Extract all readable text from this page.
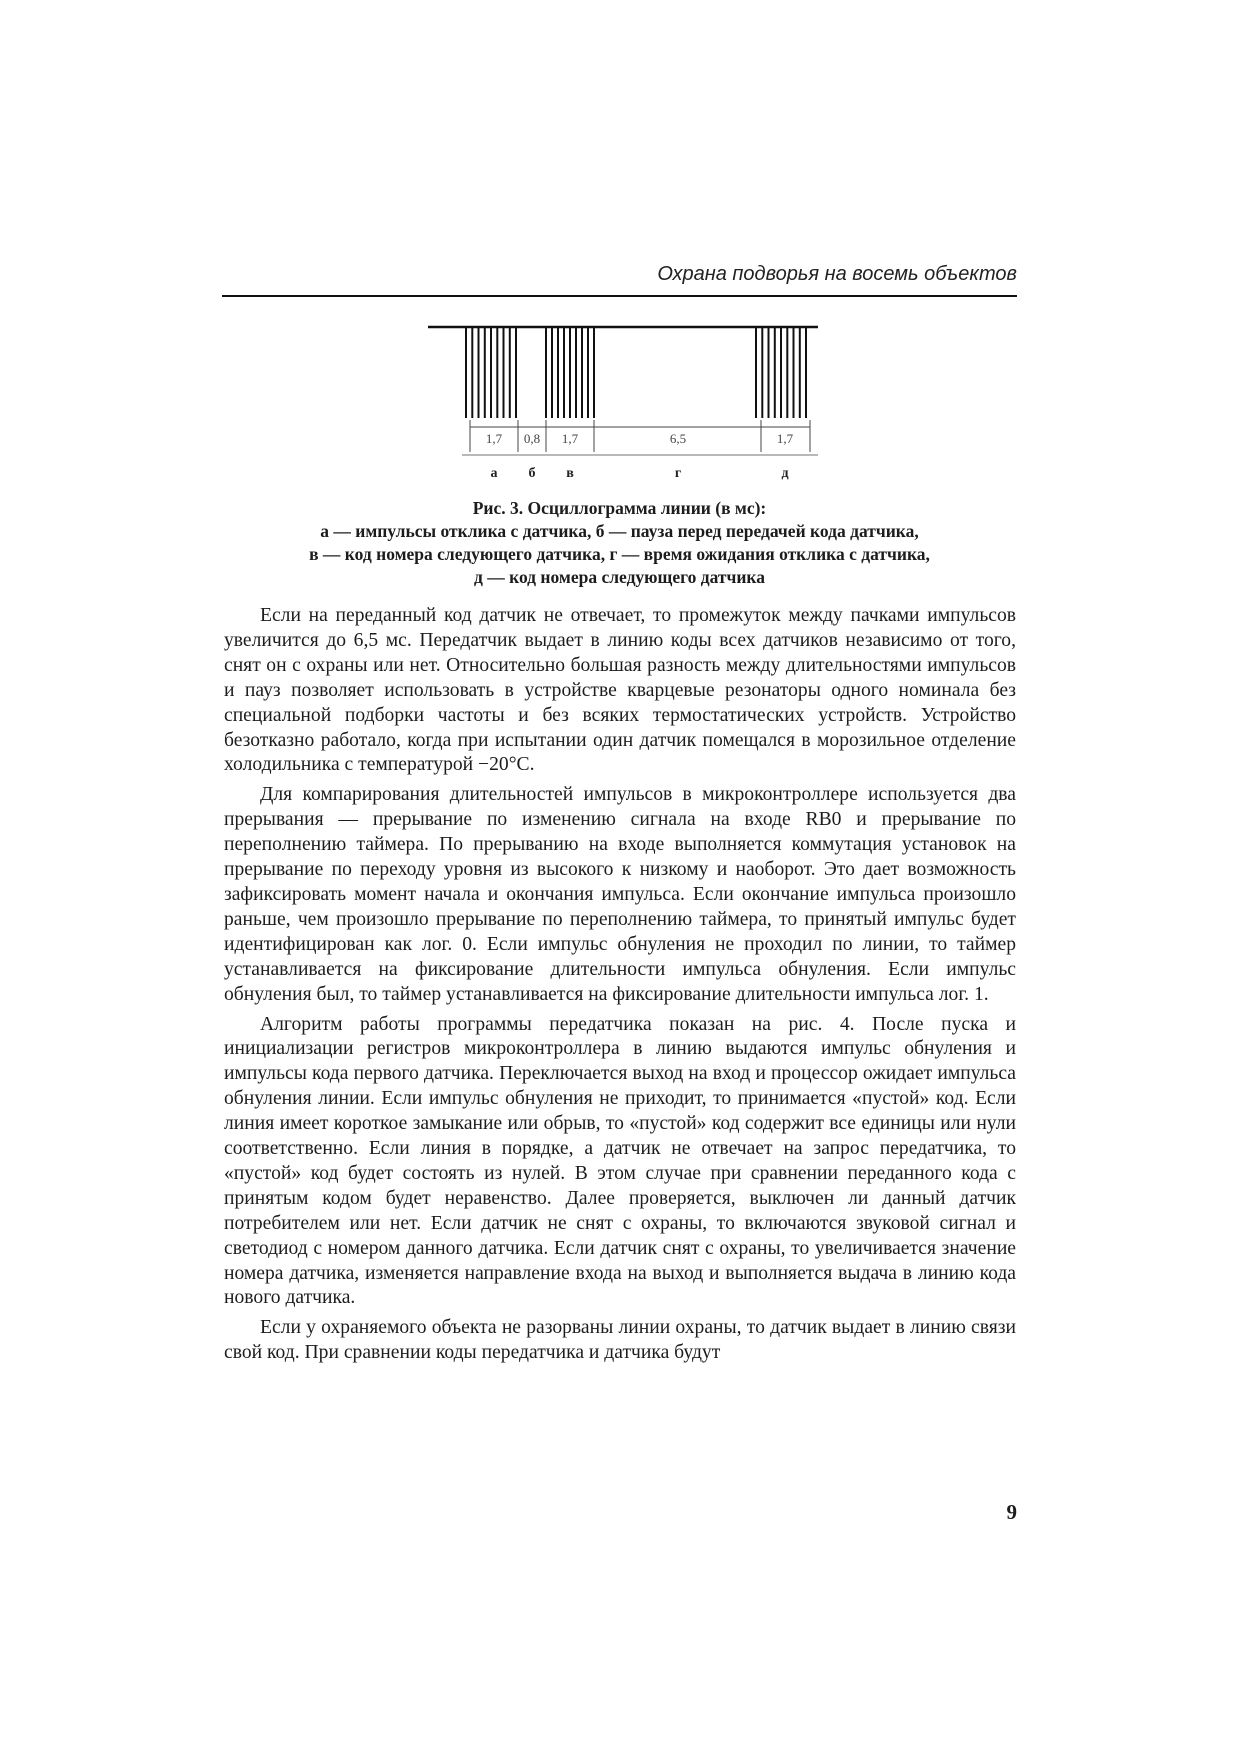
Охрана подворья на восемь объектов
1,7 0,8 1,7	6,5	1,7
а б в	г	д
Рис. 3. Осциллограмма линии (в мс):
а — импульсы отклика с датчика, б — пауза перед передачей кода датчика,
в — код номера следующего датчика, г — время ожидания отклика с датчика,
д — код номера следующего датчика

Если на переданный код датчик не отвечает, то промежуток между пачками импульсов увеличится до 6,5 мс. Передатчик выдает в линию коды всех датчиков независимо от того, снят он с охраны или нет. Относительно большая разность между длительностями импульсов и пауз позволяет использовать в устройстве кварцевые резонаторы одного номинала без специальной подборки частоты и без всяких термостатических устройств. Устройство безотказно работало, когда при испытании один датчик помещался в морозильное отделение холодильника с температурой −20°С.

Для компарирования длительностей импульсов в микроконтроллере используется два прерывания — прерывание по изменению сигнала на входе RB0 и прерывание по переполнению таймера. По прерыванию на входе выполняется коммутация установок на прерывание по переходу уровня из высокого к низкому и наоборот. Это дает возможность зафиксировать момент начала и окончания импульса. Если окончание импульса произошло раньше, чем произошло прерывание по переполнению таймера, то принятый импульс будет идентифицирован как лог. 0. Если импульс обнуления не проходил по линии, то таймер устанавливается на фиксирование длительности импульса обнуления. Если импульс обнуления был, то таймер устанавливается на фиксирование длительности импульса лог. 1.

Алгоритм работы программы передатчика показан на рис. 4. После пуска и инициализации регистров микроконтроллера в линию выдаются импульс обнуления и импульсы кода первого датчика. Переключается выход на вход и процессор ожидает импульса обнуления линии. Если импульс обнуления не приходит, то принимается «пустой» код. Если линия имеет короткое замыкание или обрыв, то «пустой» код содержит все единицы или нули соответственно. Если линия в порядке, а датчик не отвечает на запрос передатчика, то «пустой» код будет состоять из нулей. В этом случае при сравнении переданного кода с принятым кодом будет неравенство. Далее проверяется, выключен ли данный датчик потребителем или нет. Если датчик не снят с охраны, то включаются звуковой сигнал и светодиод с номером данного датчика. Если датчик снят с охраны, то увеличивается значение номера датчика, изменяется направление входа на выход и выполняется выдача в линию кода нового датчика.

Если у охраняемого объекта не разорваны линии охраны, то датчик выдает в линию связи свой код. При сравнении коды передатчика и датчика будут

9
